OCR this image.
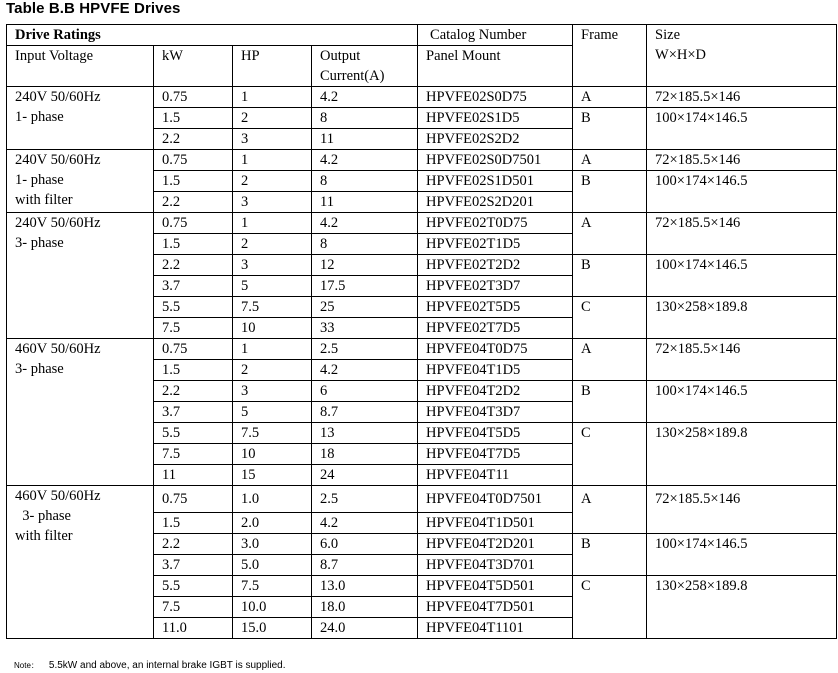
Table B.B HPVFE Drives
Drive Ratings				Catalog Number	Frame	Size
W×H×D
Input Voltage	kW	HP	Output
Current(A)	Panel Mount		

240V 50/60Hz
1- phase	0.75	1	4.2	HPVFE02S0D75	A	72×185.5×146
	1.5	2	8	HPVFE02S1D5	B	100×174×146.5
	2.2	3	11	HPVFE02S2D2		

240V 50/60Hz
1- phase
with filter	0.75	1	4.2	HPVFE02S0D7501	A	72×185.5×146
	1.5	2	8	HPVFE02S1D501	B	100×174×146.5
	2.2	3	11	HPVFE02S2D201		

240V 50/60Hz
3- phase	0.75	1	4.2	HPVFE02T0D75	A	72×185.5×146
	1.5	2	8	HPVFE02T1D5		
	2.2	3	12	HPVFE02T2D2	B	100×174×146.5
	3.7	5	17.5	HPVFE02T3D7		
	5.5	7.5	25	HPVFE02T5D5	C	130×258×189.8
	7.5	10	33	HPVFE02T7D5		

460V 50/60Hz
3- phase	0.75	1	2.5	HPVFE04T0D75	A	72×185.5×146
	1.5	2	4.2	HPVFE04T1D5		
	2.2	3	6	HPVFE04T2D2	B	100×174×146.5
	3.7	5	8.7	HPVFE04T3D7		
	5.5	7.5	13	HPVFE04T5D5	C	130×258×189.8
	7.5	10	18	HPVFE04T7D5		
	11	15	24	HPVFE04T11		

460V 50/60Hz
3- phase
with filter	0.75	1.0	2.5	HPVFE04T0D7501	A	72×185.5×146
	1.5	2.0	4.2	HPVFE04T1D501		
	2.2	3.0	6.0	HPVFE04T2D201	B	100×174×146.5
	3.7	5.0	8.7	HPVFE04T3D701		
	5.5	7.5	13.0	HPVFE04T5D501	C	130×258×189.8
	7.5	10.0	18.0	HPVFE04T7D501		
	11.0	15.0	24.0	HPVFE04T1101		
Note： 5.5kW and above, an internal brake IGBT is supplied.
